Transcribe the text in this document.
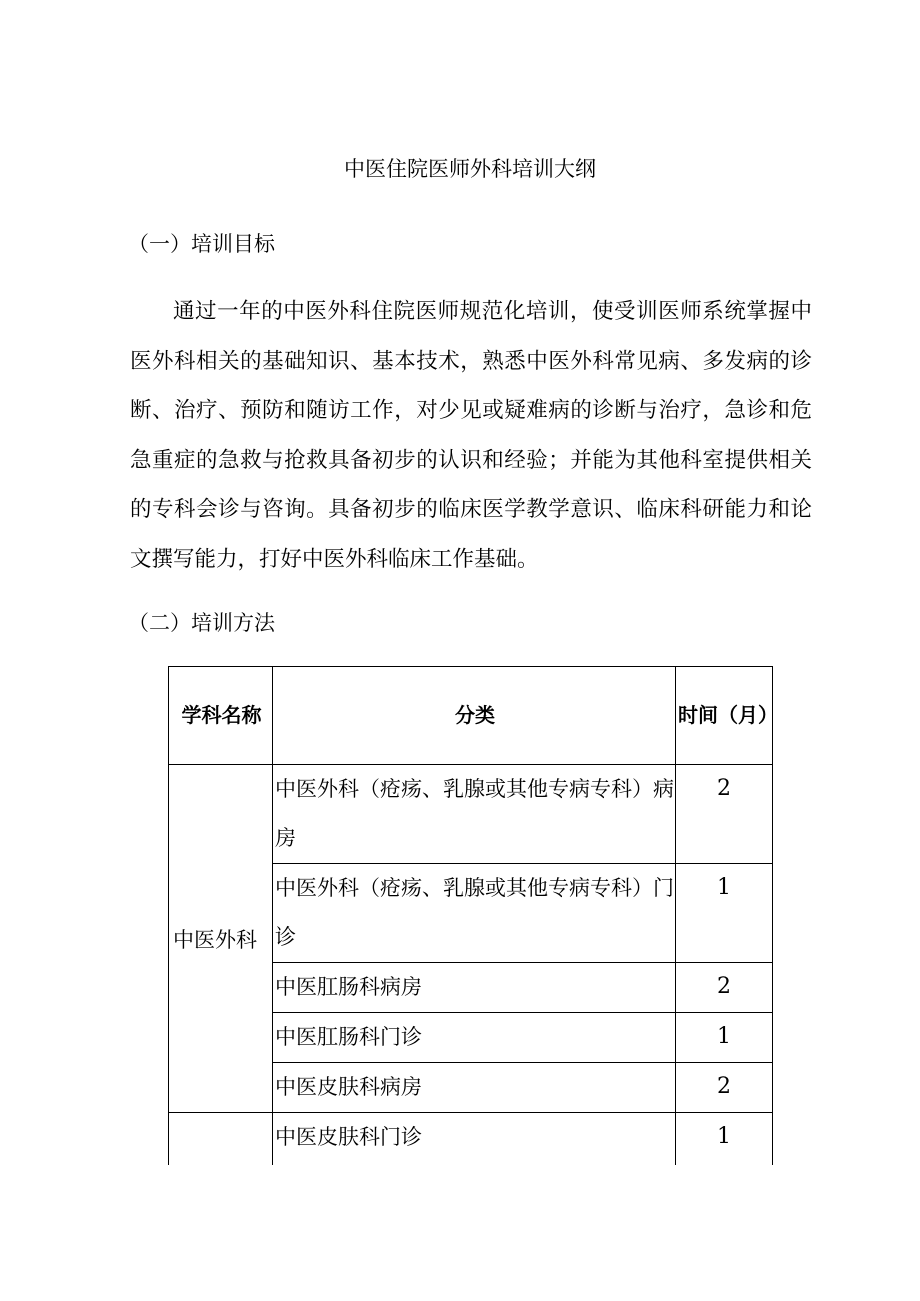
中医住院医师外科培训大纲
（一）培训目标

通过一年的中医外科住院医师规范化培训，使受训医师系统掌握中医外科相关的基础知识、基本技术，熟悉中医外科常见病、多发病的诊断、治疗、预防和随访工作，对少见或疑难病的诊断与治疗，急诊和危急重症的急救与抢救具备初步的认识和经验；并能为其他科室提供相关的专科会诊与咨询。具备初步的临床医学教学意识、临床科研能力和论文撰写能力，打好中医外科临床工作基础。

（二）培训方法
学科名称	分类	时间（月）
中医外科	中医外科（疮疡、乳腺或其他专病专科）病房	2
	中医外科（疮疡、乳腺或其他专病专科）门诊	1
	中医肛肠科病房	2
	中医肛肠科门诊	1
	中医皮肤科病房	2
	中医皮肤科门诊	1
